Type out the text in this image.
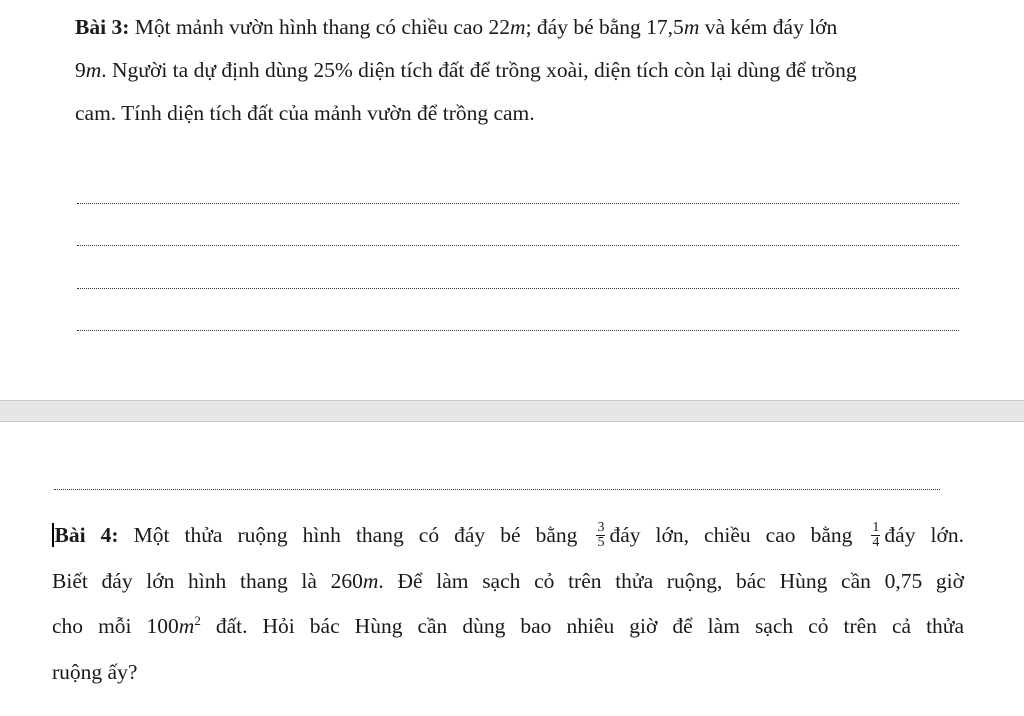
Bài 3: Một mảnh vườn hình thang có chiều cao 22m; đáy bé bằng 17,5m và kém đáy lớn
9m. Người ta dự định dùng 25% diện tích đất để trồng xoài, diện tích còn lại dùng để trồng
cam. Tính diện tích đất của mảnh vườn để trồng cam.

Bài 4: Một thửa ruộng hình thang có đáy bé bằng $\frac{3}{5}$ đáy lớn, chiều cao bằng $\frac{1}{4}$ đáy lớn.
Biết đáy lớn hình thang là 260m. Để làm sạch cỏ trên thửa ruộng, bác Hùng cần 0,75 giờ
cho mỗi $100m^2$ đất. Hỏi bác Hùng cần dùng bao nhiêu giờ để làm sạch cỏ trên cả thửa
ruộng ấy?
